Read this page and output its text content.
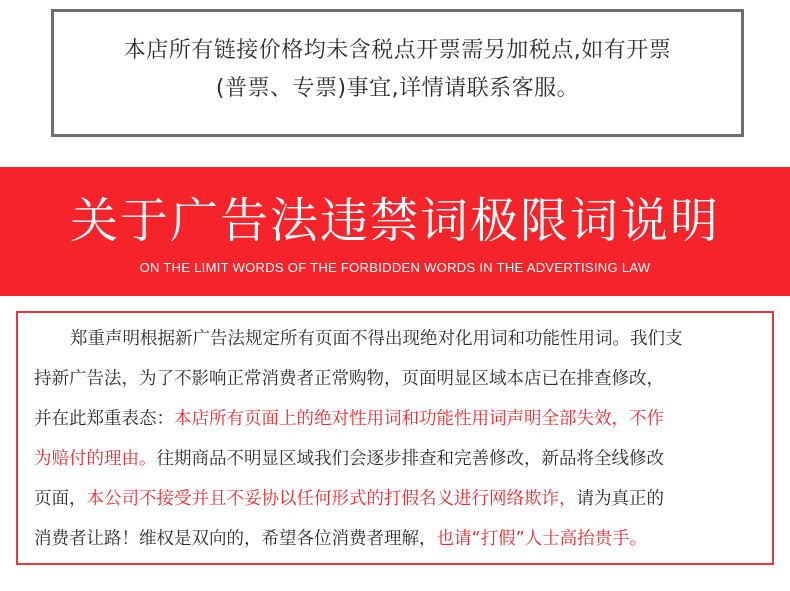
本店所有链接价格均未含税点开票需另加税点,如有开票
(普票、专票)事宜,详情请联系客服。
关于广告法违禁词极限词说明
ON THE LIMIT WORDS OF THE FORBIDDEN WORDS IN THE ADVERTISING LAW
郑重声明根据新广告法规定所有页面不得出现绝对化用词和功能性用词。我们支
持新广告法，为了不影响正常消费者正常购物，页面明显区域本店已在排查修改，
并在此郑重表态：本店所有页面上的绝对性用词和功能性用词声明全部失效，不作
为赔付的理由。往期商品不明显区域我们会逐步排查和完善修改，新品将全线修改
页面，本公司不接受并且不妥协以任何形式的打假名义进行网络欺诈，请为真正的
消费者让路！维权是双向的，希望各位消费者理解，也请“打假”人士高抬贵手。
